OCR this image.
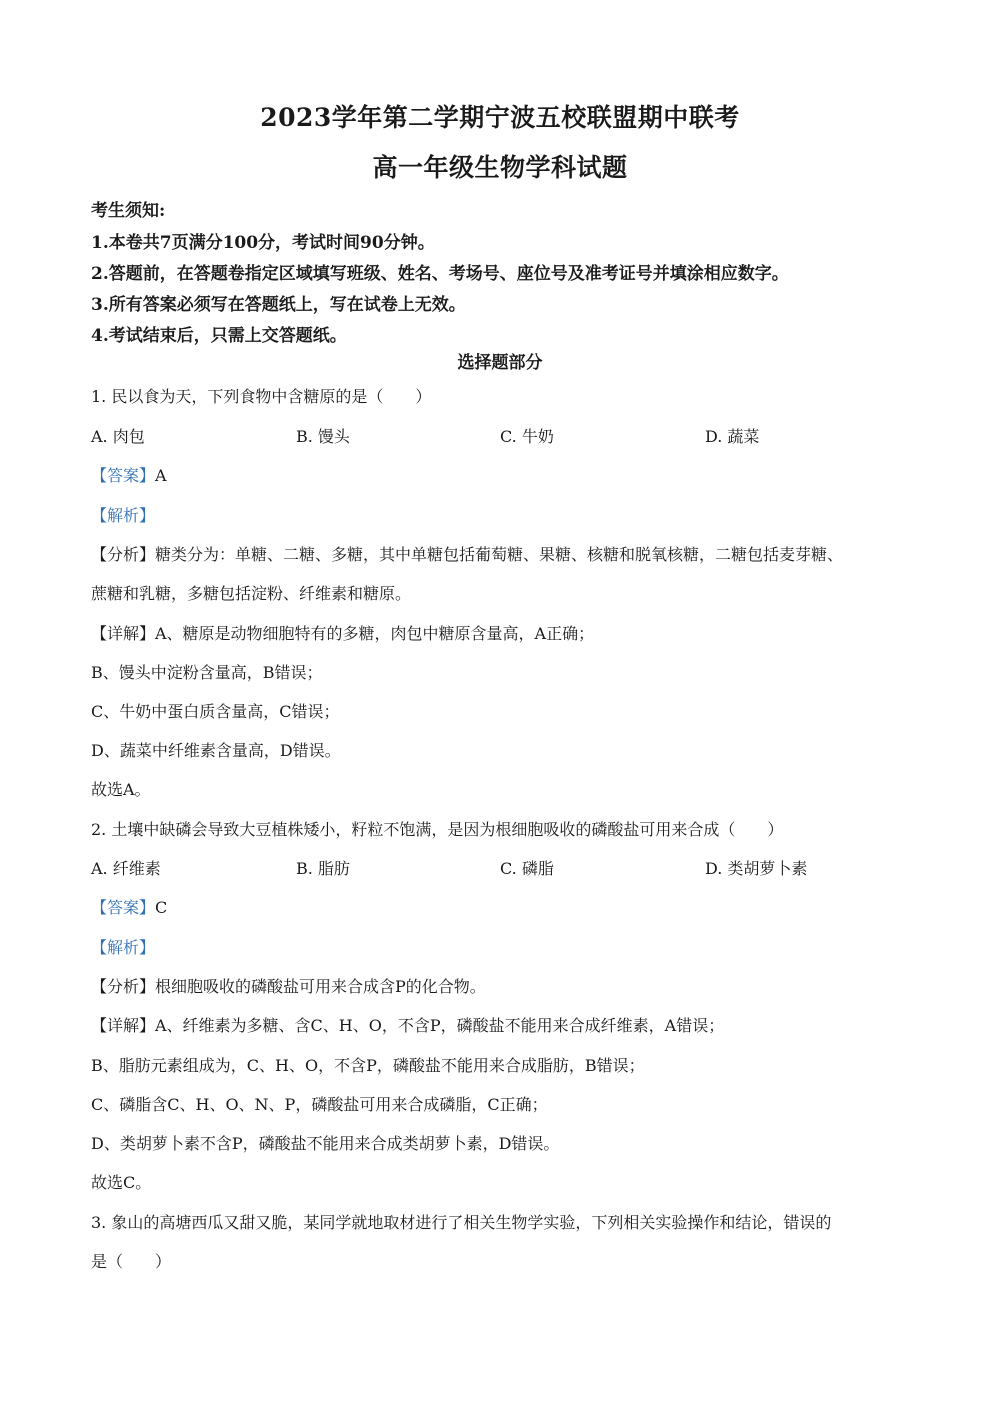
2023学年第二学期宁波五校联盟期中联考
高一年级生物学科试题
考生须知:
1.本卷共7页满分100分，考试时间90分钟。
2.答题前，在答题卷指定区域填写班级、姓名、考场号、座位号及准考证号并填涂相应数字。
3.所有答案必须写在答题纸上，写在试卷上无效。
4.考试结束后，只需上交答题纸。
选择题部分
1. 民以食为天，下列食物中含糖原的是（　　）
A. 肉包	B. 馒头	C. 牛奶	D. 蔬菜
【答案】A
【解析】
【分析】糖类分为：单糖、二糖、多糖，其中单糖包括葡萄糖、果糖、核糖和脱氧核糖，二糖包括麦芽糖、
蔗糖和乳糖，多糖包括淀粉、纤维素和糖原。
【详解】A、糖原是动物细胞特有的多糖，肉包中糖原含量高，A正确；
B、馒头中淀粉含量高，B错误；
C、牛奶中蛋白质含量高，C错误；
D、蔬菜中纤维素含量高，D错误。
故选A。
2. 土壤中缺磷会导致大豆植株矮小，籽粒不饱满，是因为根细胞吸收的磷酸盐可用来合成（　　）
A. 纤维素	B. 脂肪	C. 磷脂	D. 类胡萝卜素
【答案】C
【解析】
【分析】根细胞吸收的磷酸盐可用来合成含P的化合物。
【详解】A、纤维素为多糖、含C、H、O，不含P，磷酸盐不能用来合成纤维素，A错误；
B、脂肪元素组成为，C、H、O，不含P，磷酸盐不能用来合成脂肪，B错误；
C、磷脂含C、H、O、N、P，磷酸盐可用来合成磷脂，C正确；
D、类胡萝卜素不含P，磷酸盐不能用来合成类胡萝卜素，D错误。
故选C。
3. 象山的高塘西瓜又甜又脆，某同学就地取材进行了相关生物学实验，下列相关实验操作和结论，错误的
是（　　）
